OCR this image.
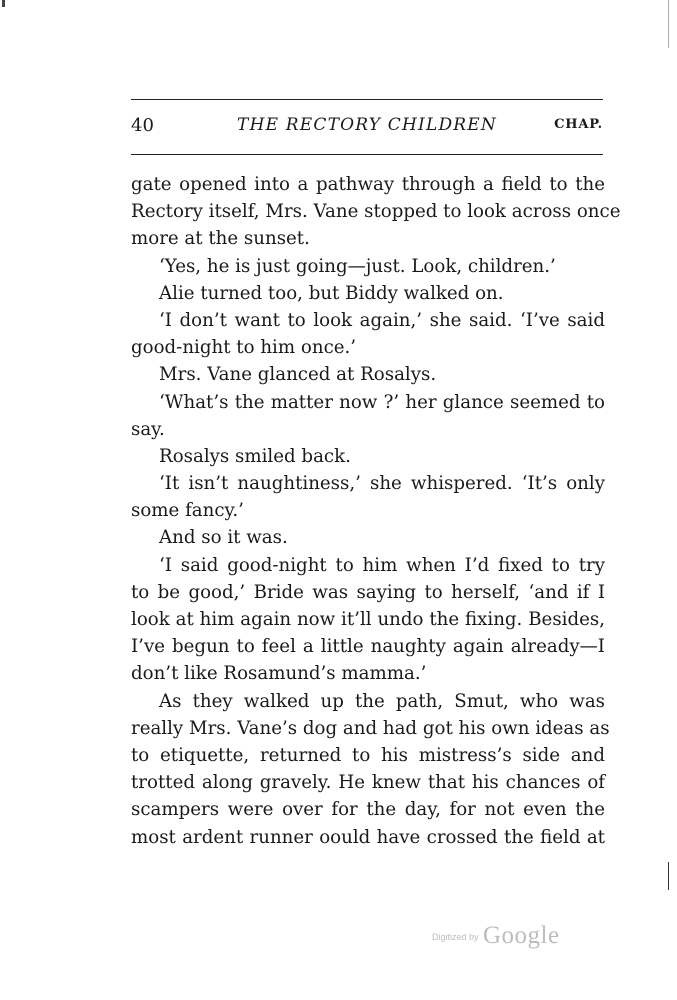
40	THE RECTORY CHILDREN	CHAP.
gate opened into a pathway through a field to the
Rectory itself, Mrs. Vane stopped to look across once
more at the sunset.
‘Yes, he is just going—just. Look, children.’
Alie turned too, but Biddy walked on.
‘I don’t want to look again,’ she said. ‘I’ve said
good-night to him once.’
Mrs. Vane glanced at Rosalys.
‘What’s the matter now ?’ her glance seemed to
say.
Rosalys smiled back.
‘It isn’t naughtiness,’ she whispered. ‘It’s only
some fancy.’
And so it was.
‘I said good-night to him when I’d fixed to try
to be good,’ Bride was saying to herself, ‘and if I
look at him again now it’ll undo the fixing. Besides,
I’ve begun to feel a little naughty again already—I
don’t like Rosamund’s mamma.’
As they walked up the path, Smut, who was
really Mrs. Vane’s dog and had got his own ideas as
to etiquette, returned to his mistress’s side and
trotted along gravely. He knew that his chances of
scampers were over for the day, for not even the
most ardent runner oould have crossed the field at
Digitized by Google
